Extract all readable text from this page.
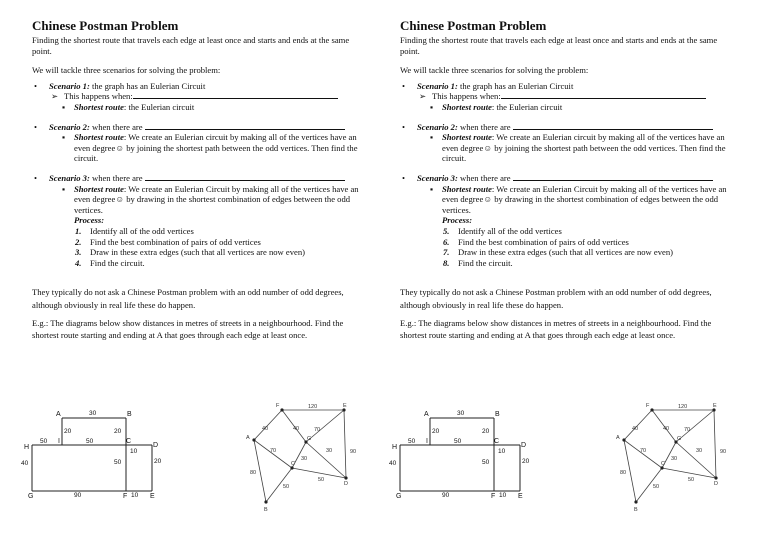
Chinese Postman Problem

Finding the shortest route that travels each edge at least once and starts and ends at the same point.

We will tackle three scenarios for solving the problem:

• Scenario 1: the graph has an Eulerian Circuit
➢ This happens when:
▪ Shortest route: the Eulerian circuit
• Scenario 2: when there are
▪ Shortest route: We create an Eulerian circuit by making all of the vertices have an even degree☺ by joining the shortest path between the odd vertices. Then find the circuit.
• Scenario 3: when there are
▪ Shortest route: We create an Eulerian Circuit by making all of the vertices have an even degree☺ by drawing in the shortest combination of edges between the odd vertices.
Process:
1. Identify all of the odd vertices
2. Find the best combination of pairs of odd vertices
3. Draw in these extra edges (such that all vertices are now even)
4. Find the circuit.

They typically do not ask a Chinese Postman problem with an odd number of odd degrees, although obviously in real life these do happen.

E.g.: The diagrams below show distances in metres of streets in a neighbourhood. Find the shortest route starting and ending at A that goes through each edge at least once.

Chinese Postman Problem

Finding the shortest route that travels each edge at least once and starts and ends at the same point.

We will tackle three scenarios for solving the problem:

• Scenario 1: the graph has an Eulerian Circuit
➢ This happens when:
▪ Shortest route: the Eulerian circuit
• Scenario 2: when there are
▪ Shortest route: We create an Eulerian circuit by making all of the vertices have an even degree☺ by joining the shortest path between the odd vertices. Then find the circuit.
• Scenario 3: when there are
▪ Shortest route: We create an Eulerian Circuit by making all of the vertices have an even degree☺ by drawing in the shortest combination of edges between the odd vertices.
Process:
5. Identify all of the odd vertices
6. Find the best combination of pairs of odd vertices
7. Draw in these extra edges (such that all vertices are now even)
8. Find the circuit.

They typically do not ask a Chinese Postman problem with an odd number of odd degrees, although obviously in real life these do happen.

E.g.: The diagrams below show distances in metres of streets in a neighbourhood. Find the shortest route starting and ending at A that goes through each edge at least once.

A	B
C
D
H
I
G	F	E
30
20	20
50	50
10
40	20
50
90	10
F	E
A	G
C
D
B
120
40	40	70
70
30
30	90
80
50
50
A	B
C
D
H
I
G	F	E
30
20	20
50	50
10
40	20
50
90	10
F	E
A	G
C
D
B
120
40	40	70
70
30
30	90
80
50
50
